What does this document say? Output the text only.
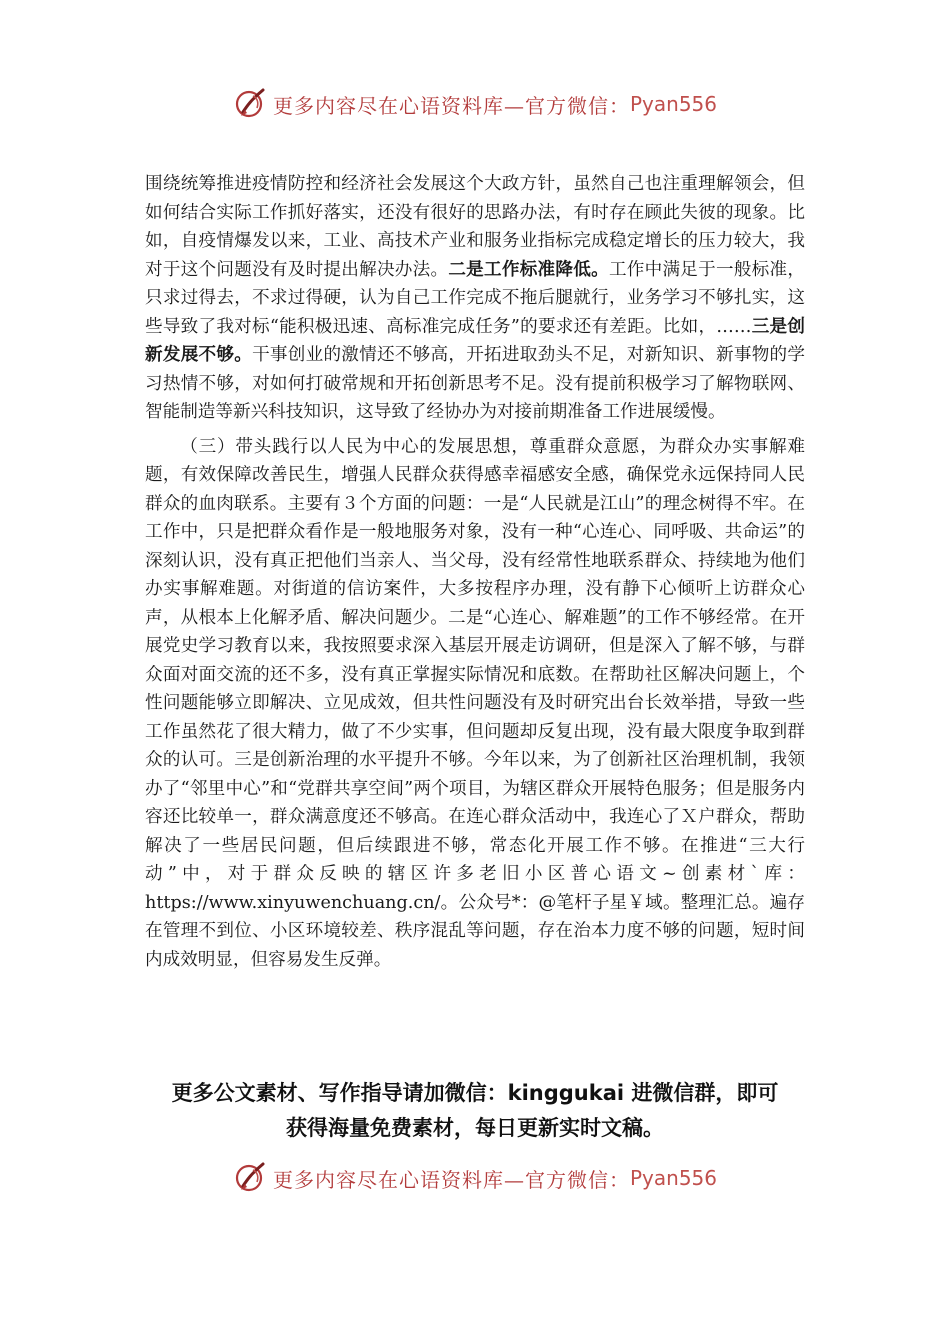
更多内容尽在心语资料库—官方微信： Pyan556

围绕统筹推进疫情防控和经济社会发展这个大政方针，虽然自己也注重理解领会，但如何结合实际工作抓好落实，还没有很好的思路办法，有时存在顾此失彼的现象。比如，自疫情爆发以来，工业、高技术产业和服务业指标完成稳定增长的压力较大，我对于这个问题没有及时提出解决办法。二是工作标准降低。工作中满足于一般标准，只求过得去，不求过得硬，认为自己工作完成不拖后腿就行，业务学习不够扎实，这些导致了我对标“能积极迅速、高标准完成任务”的要求还有差距。比如，……三是创新发展不够。干事创业的激情还不够高，开拓进取劲头不足，对新知识、新事物的学习热情不够，对如何打破常规和开拓创新思考不足。没有提前积极学习了解物联网、智能制造等新兴科技知识，这导致了经协办为对接前期准备工作进展缓慢。

（三）带头践行以人民为中心的发展思想，尊重群众意愿，为群众办实事解难题，有效保障改善民生，增强人民群众获得感幸福感安全感，确保党永远保持同人民群众的血肉联系。主要有３个方面的问题：一是“人民就是江山”的理念树得不牢。在工作中，只是把群众看作是一般地服务对象，没有一种“心连心、同呼吸、共命运”的深刻认识，没有真正把他们当亲人、当父母，没有经常性地联系群众、持续地为他们办实事解难题。对街道的信访案件，大多按程序办理，没有静下心倾听上访群众心声，从根本上化解矛盾、解决问题少。二是“心连心、解难题”的工作不够经常。在开展党史学习教育以来，我按照要求深入基层开展走访调研，但是深入了解不够，与群众面对面交流的还不多，没有真正掌握实际情况和底数。在帮助社区解决问题上，个性问题能够立即解决、立见成效，但共性问题没有及时研究出台长效举措，导致一些工作虽然花了很大精力，做了不少实事，但问题却反复出现，没有最大限度争取到群众的认可。三是创新治理的水平提升不够。今年以来，为了创新社区治理机制，我领办了“邻里中心”和“党群共享空间”两个项目，为辖区群众开展特色服务；但是服务内容还比较单一，群众满意度还不够高。在连心群众活动中，我连心了Ｘ户群众，帮助解决了一些居民问题，但后续跟进不够，常态化开展工作不够。在推进“三大行动”中，对于群众反映的辖区许多老旧小区普心语文~创素材`库：https://www.xinyuwenchuang.cn/。公众号*：@笔杆子星￥域。整理汇总。遍存在管理不到位、小区环境较差、秩序混乱等问题，存在治本力度不够的问题，短时间内成效明显，但容易发生反弹。

更多公文素材、写作指导请加微信：kinggukai 进微信群，即可
获得海量免费素材，每日更新实时文稿。
更多内容尽在心语资料库—官方微信： Pyan556
